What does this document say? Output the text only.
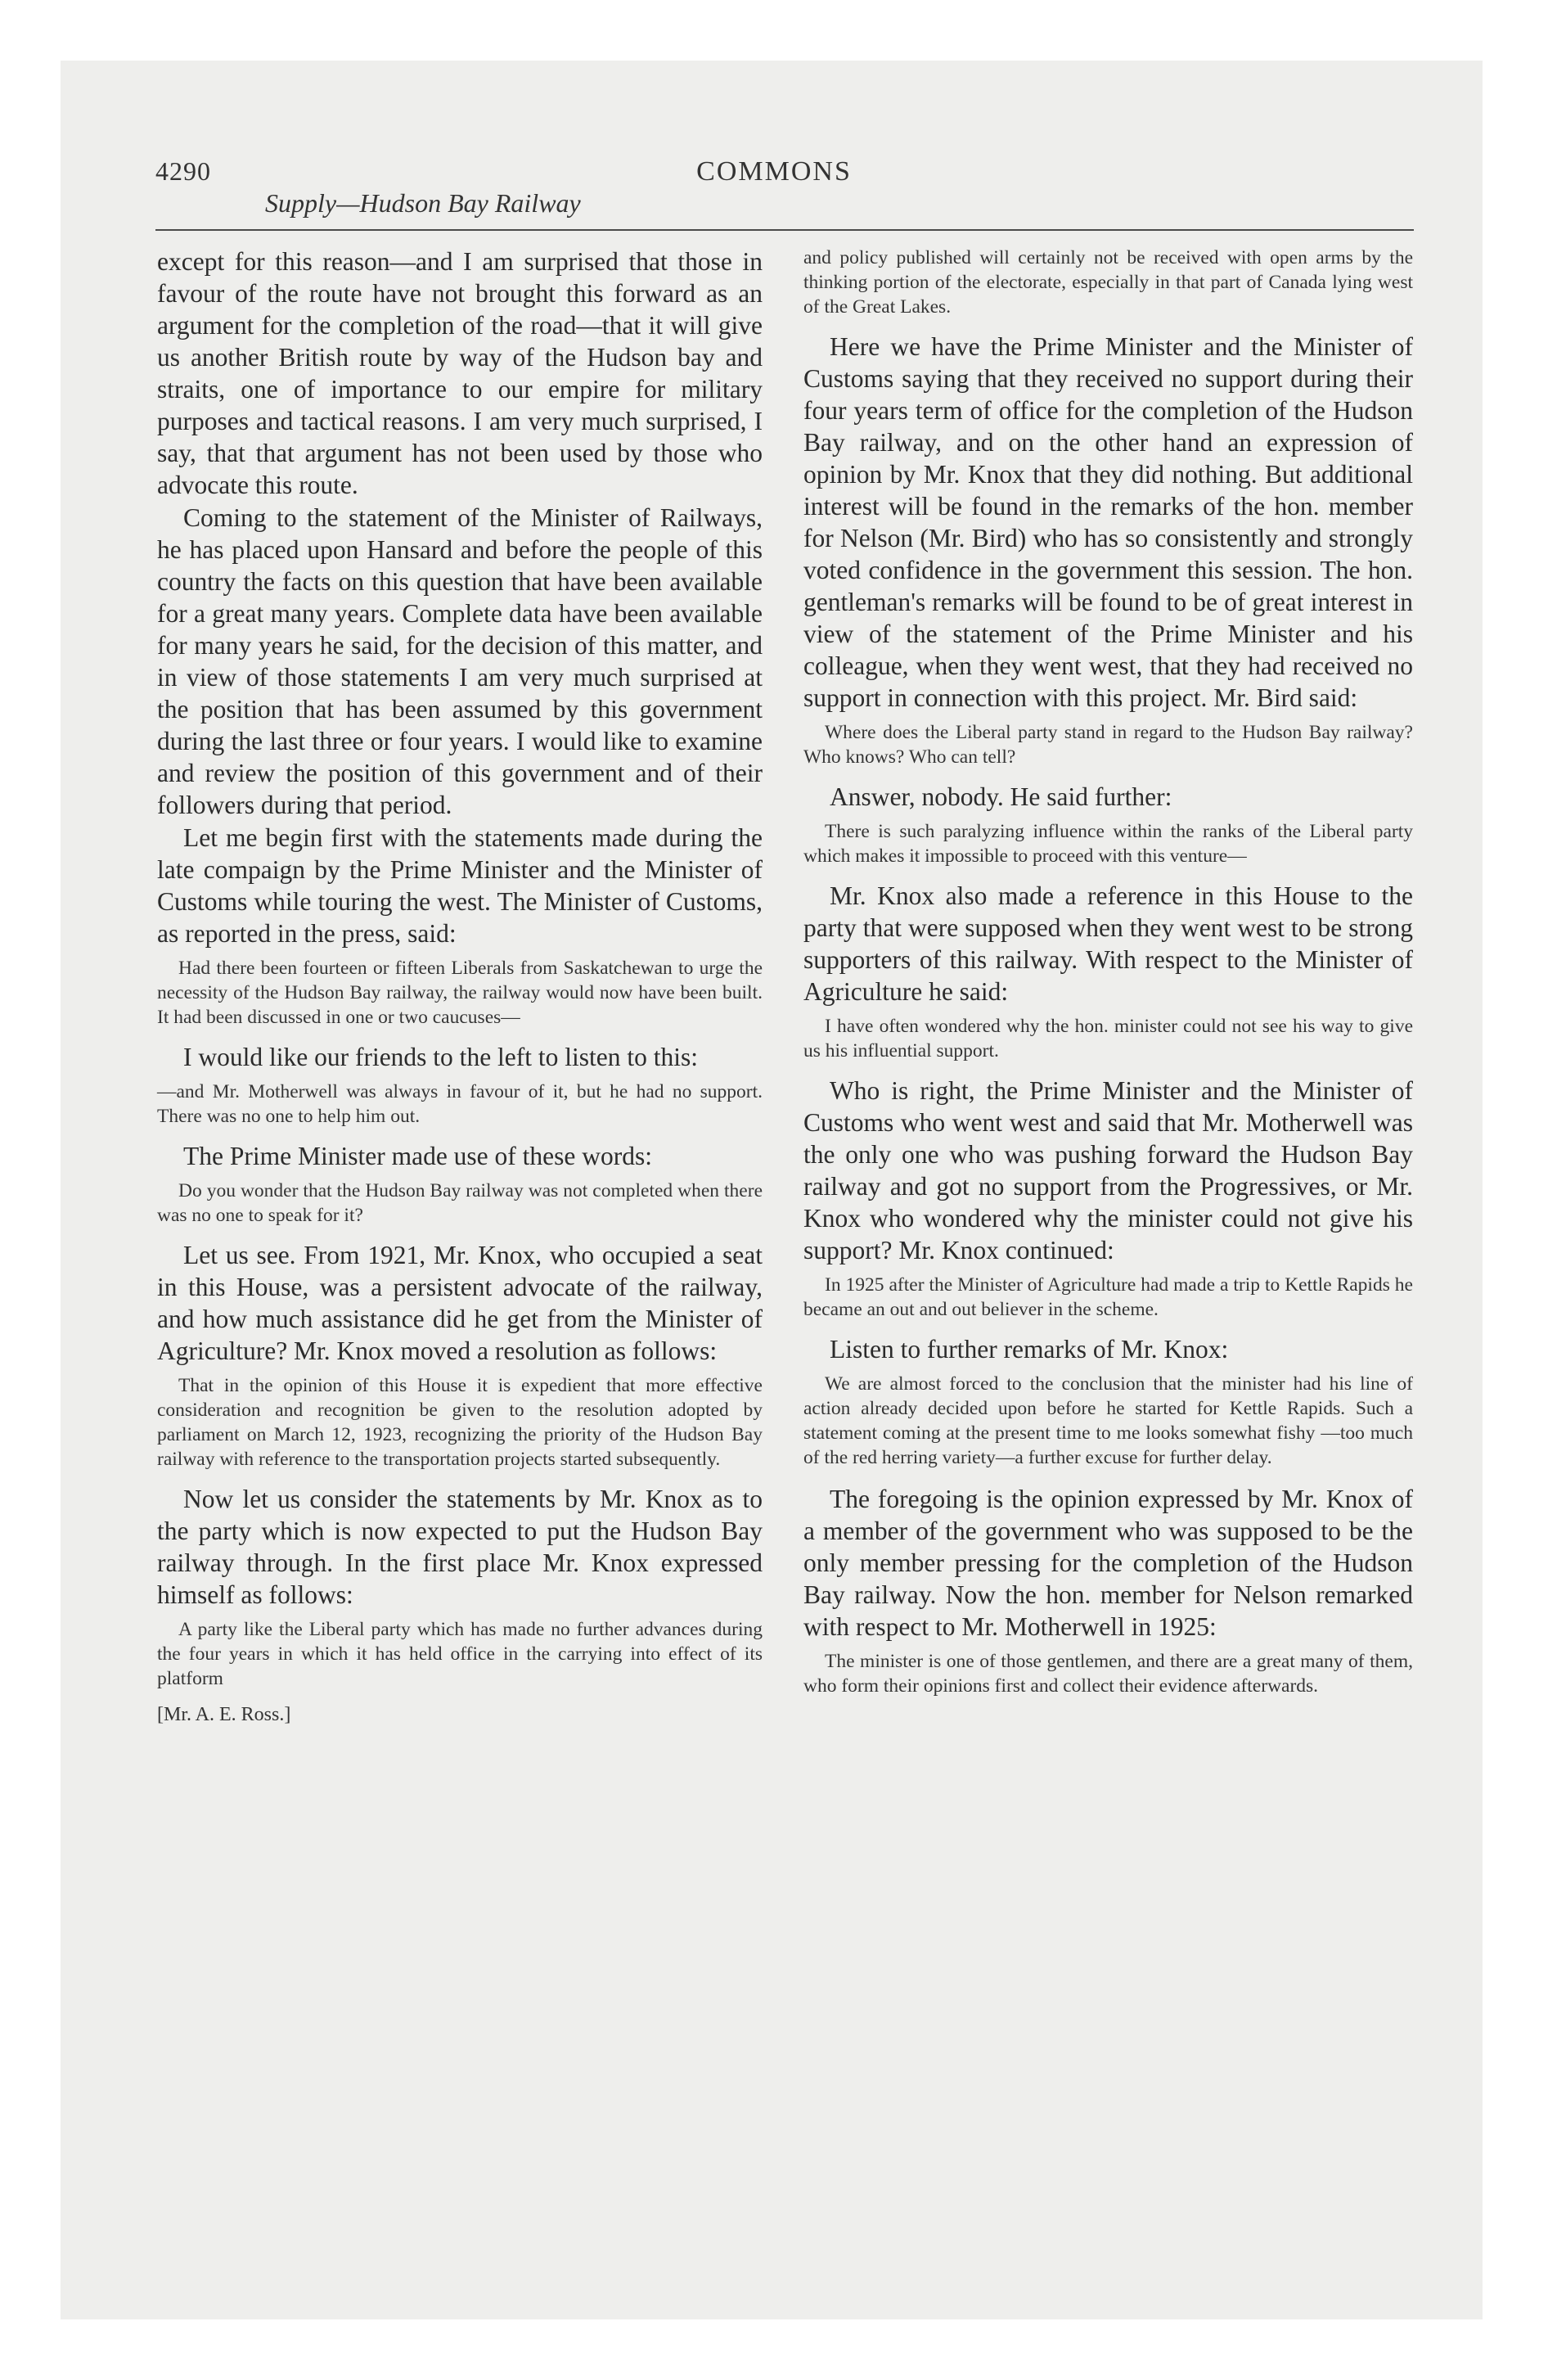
4290	COMMONS
Supply—Hudson Bay Railway

except for this reason—and I am surprised that those in favour of the route have not brought this forward as an argument for the completion of the road—that it will give us another British route by way of the Hudson bay and straits, one of importance to our empire for military purposes and tactical reasons. I am very much surprised, I say, that that argument has not been used by those who advocate this route.

Coming to the statement of the Minister of Railways, he has placed upon Hansard and before the people of this country the facts on this question that have been available for a great many years. Complete data have been available for many years he said, for the decision of this matter, and in view of those statements I am very much surprised at the position that has been assumed by this government during the last three or four years. I would like to examine and review the position of this government and of their followers during that period.

Let me begin first with the statements made during the late compaign by the Prime Minister and the Minister of Customs while touring the west. The Minister of Customs, as reported in the press, said:

Had there been fourteen or fifteen Liberals from Saskatchewan to urge the necessity of the Hudson Bay railway, the railway would now have been built. It had been discussed in one or two caucuses—

I would like our friends to the left to listen to this:

—and Mr. Motherwell was always in favour of it, but he had no support. There was no one to help him out.

The Prime Minister made use of these words:

Do you wonder that the Hudson Bay railway was not completed when there was no one to speak for it?

Let us see. From 1921, Mr. Knox, who occupied a seat in this House, was a persistent advocate of the railway, and how much assistance did he get from the Minister of Agriculture? Mr. Knox moved a resolution as follows:

That in the opinion of this House it is expedient that more effective consideration and recognition be given to the resolution adopted by parliament on March 12, 1923, recognizing the priority of the Hudson Bay railway with reference to the transportation projects started subsequently.

Now let us consider the statements by Mr. Knox as to the party which is now expected to put the Hudson Bay railway through. In the first place Mr. Knox expressed himself as follows:

A party like the Liberal party which has made no further advances during the four years in which it has held office in the carrying into effect of its platform

[Mr. A. E. Ross.]

and policy published will certainly not be received with open arms by the thinking portion of the electorate, especially in that part of Canada lying west of the Great Lakes.

Here we have the Prime Minister and the Minister of Customs saying that they received no support during their four years term of office for the completion of the Hudson Bay railway, and on the other hand an expression of opinion by Mr. Knox that they did nothing. But additional interest will be found in the remarks of the hon. member for Nelson (Mr. Bird) who has so consistently and strongly voted confidence in the government this session. The hon. gentleman's remarks will be found to be of great interest in view of the statement of the Prime Minister and his colleague, when they went west, that they had received no support in connection with this project. Mr. Bird said:

Where does the Liberal party stand in regard to the Hudson Bay railway? Who knows? Who can tell?

Answer, nobody. He said further:

There is such paralyzing influence within the ranks of the Liberal party which makes it impossible to proceed with this venture—

Mr. Knox also made a reference in this House to the party that were supposed when they went west to be strong supporters of this railway. With respect to the Minister of Agriculture he said:

I have often wondered why the hon. minister could not see his way to give us his influential support.

Who is right, the Prime Minister and the Minister of Customs who went west and said that Mr. Motherwell was the only one who was pushing forward the Hudson Bay railway and got no support from the Progressives, or Mr. Knox who wondered why the minister could not give his support? Mr. Knox continued:

In 1925 after the Minister of Agriculture had made a trip to Kettle Rapids he became an out and out believer in the scheme.

Listen to further remarks of Mr. Knox:

We are almost forced to the conclusion that the minister had his line of action already decided upon before he started for Kettle Rapids. Such a statement coming at the present time to me looks somewhat fishy —too much of the red herring variety—a further excuse for further delay.

The foregoing is the opinion expressed by Mr. Knox of a member of the government who was supposed to be the only member pressing for the completion of the Hudson Bay railway. Now the hon. member for Nelson remarked with respect to Mr. Motherwell in 1925:

The minister is one of those gentlemen, and there are a great many of them, who form their opinions first and collect their evidence afterwards.
